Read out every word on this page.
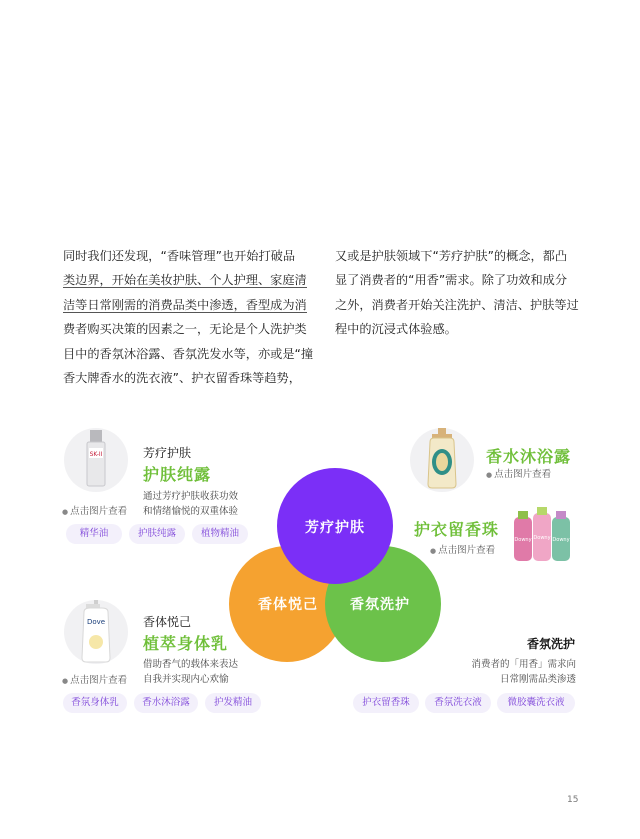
同时我们还发现，“香味管理”也开始打破品

类边界，开始在美妆护肤、个人护理、家庭清

洁等日常刚需的消费品类中渗透，香型成为消

费者购买决策的因素之一，无论是个人洗护类

目中的香氛沐浴露、香氛洗发水等，亦或是“撞

香大牌香水的洗衣液”、护衣留香珠等趋势，

又或是护肤领域下“芳疗护肤”的概念，都凸

显了消费者的“用香”需求。除了功效和成分

之外，消费者开始关注洗护、清洁、护肤等过

程中的沉浸式体验感。

SK-II	芳疗护肤
护肤纯露
通过芳疗护肤收获功效
和情绪愉悦的双重体验
● 点击图片查看
精华油	护肤纯露	植物精油
香水沐浴露
● 点击图片查看
护衣留香珠
● 点击图片查看
Downy Downy Downy
芳疗护肤
香体悦己 香氛洗护
Dove	香体悦己
植萃身体乳
借助香气的载体来表达
自我并实现内心欢愉
● 点击图片查看
香氛身体乳	香水沐浴露	护发精油
香氛洗护
消费者的「用香」需求向
日常刚需品类渗透
护衣留香珠	香氛洗衣液	微胶囊洗衣液
15
